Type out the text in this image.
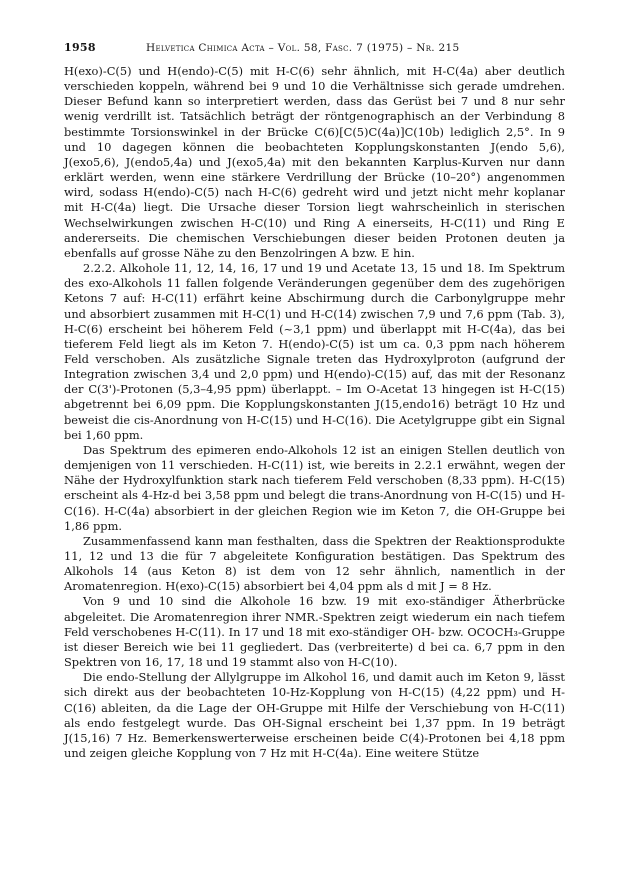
1958	Helvetica Chimica Acta – Vol. 58, Fasc. 7 (1975) – Nr. 215

H(exo)-C(5) und H(endo)-C(5) mit H-C(6) sehr ähnlich, mit H-C(4a) aber deutlich verschieden koppeln, während bei 9 und 10 die Verhältnisse sich gerade umdrehen. Dieser Befund kann so interpretiert werden, dass das Gerüst bei 7 und 8 nur sehr wenig verdrillt ist. Tatsächlich beträgt der röntgenographisch an der Verbindung 8 bestimmte Torsionswinkel in der Brücke C(6)[C(5)C(4a)]C(10b) lediglich 2,5°. In 9 und 10 dagegen können die beobachteten Kopplungskonstanten J(endo 5,6), J(exo5,6), J(endo5,4a) und J(exo5,4a) mit den bekannten Karplus-Kurven nur dann erklärt werden, wenn eine stärkere Verdrillung der Brücke (10–20°) angenommen wird, sodass H(endo)-C(5) nach H-C(6) gedreht wird und jetzt nicht mehr koplanar mit H-C(4a) liegt. Die Ursache dieser Torsion liegt wahrscheinlich in sterischen Wechselwirkungen zwischen H-C(10) und Ring A einerseits, H-C(11) und Ring E andererseits. Die chemischen Verschiebungen dieser beiden Protonen deuten ja ebenfalls auf grosse Nähe zu den Benzolringen A bzw. E hin.

2.2.2. Alkohole 11, 12, 14, 16, 17 und 19 und Acetate 13, 15 und 18. Im Spektrum des exo-Alkohols 11 fallen folgende Veränderungen gegenüber dem des zugehörigen Ketons 7 auf: H-C(11) erfährt keine Abschirmung durch die Carbonylgruppe mehr und absorbiert zusammen mit H-C(1) und H-C(14) zwischen 7,9 und 7,6 ppm (Tab. 3), H-C(6) erscheint bei höherem Feld (~3,1 ppm) und überlappt mit H-C(4a), das bei tieferem Feld liegt als im Keton 7. H(endo)-C(5) ist um ca. 0,3 ppm nach höherem Feld verschoben. Als zusätzliche Signale treten das Hydroxylproton (aufgrund der Integration zwischen 3,4 und 2,0 ppm) und H(endo)-C(15) auf, das mit der Resonanz der C(3')-Protonen (5,3–4,95 ppm) überlappt. – Im O-Acetat 13 hingegen ist H-C(15) abgetrennt bei 6,09 ppm. Die Kopplungskonstanten J(15,endo16) beträgt 10 Hz und beweist die cis-Anordnung von H-C(15) und H-C(16). Die Acetylgruppe gibt ein Signal bei 1,60 ppm.

Das Spektrum des epimeren endo-Alkohols 12 ist an einigen Stellen deutlich von demjenigen von 11 verschieden. H-C(11) ist, wie bereits in 2.2.1 erwähnt, wegen der Nähe der Hydroxylfunktion stark nach tieferem Feld verschoben (8,33 ppm). H-C(15) erscheint als 4-Hz-d bei 3,58 ppm und belegt die trans-Anordnung von H-C(15) und H-C(16). H-C(4a) absorbiert in der gleichen Region wie im Keton 7, die OH-Gruppe bei 1,86 ppm.

Zusammenfassend kann man festhalten, dass die Spektren der Reaktionsprodukte 11, 12 und 13 die für 7 abgeleitete Konfiguration bestätigen. Das Spektrum des Alkohols 14 (aus Keton 8) ist dem von 12 sehr ähnlich, namentlich in der Aromatenregion. H(exo)-C(15) absorbiert bei 4,04 ppm als d mit J = 8 Hz.

Von 9 und 10 sind die Alkohole 16 bzw. 19 mit exo-ständiger Ätherbrücke abgeleitet. Die Aromatenregion ihrer NMR.-Spektren zeigt wiederum ein nach tiefem Feld verschobenes H-C(11). In 17 und 18 mit exo-ständiger OH- bzw. OCOCH₃-Gruppe ist dieser Bereich wie bei 11 gegliedert. Das (verbreiterte) d bei ca. 6,7 ppm in den Spektren von 16, 17, 18 und 19 stammt also von H-C(10).

Die endo-Stellung der Allylgruppe im Alkohol 16, und damit auch im Keton 9, lässt sich direkt aus der beobachteten 10-Hz-Kopplung von H-C(15) (4,22 ppm) und H-C(16) ableiten, da die Lage der OH-Gruppe mit Hilfe der Verschiebung von H-C(11) als endo festgelegt wurde. Das OH-Signal erscheint bei 1,37 ppm. In 19 beträgt J(15,16) 7 Hz. Bemerkenswerterweise erscheinen beide C(4)-Protonen bei 4,18 ppm und zeigen gleiche Kopplung von 7 Hz mit H-C(4a). Eine weitere Stütze
